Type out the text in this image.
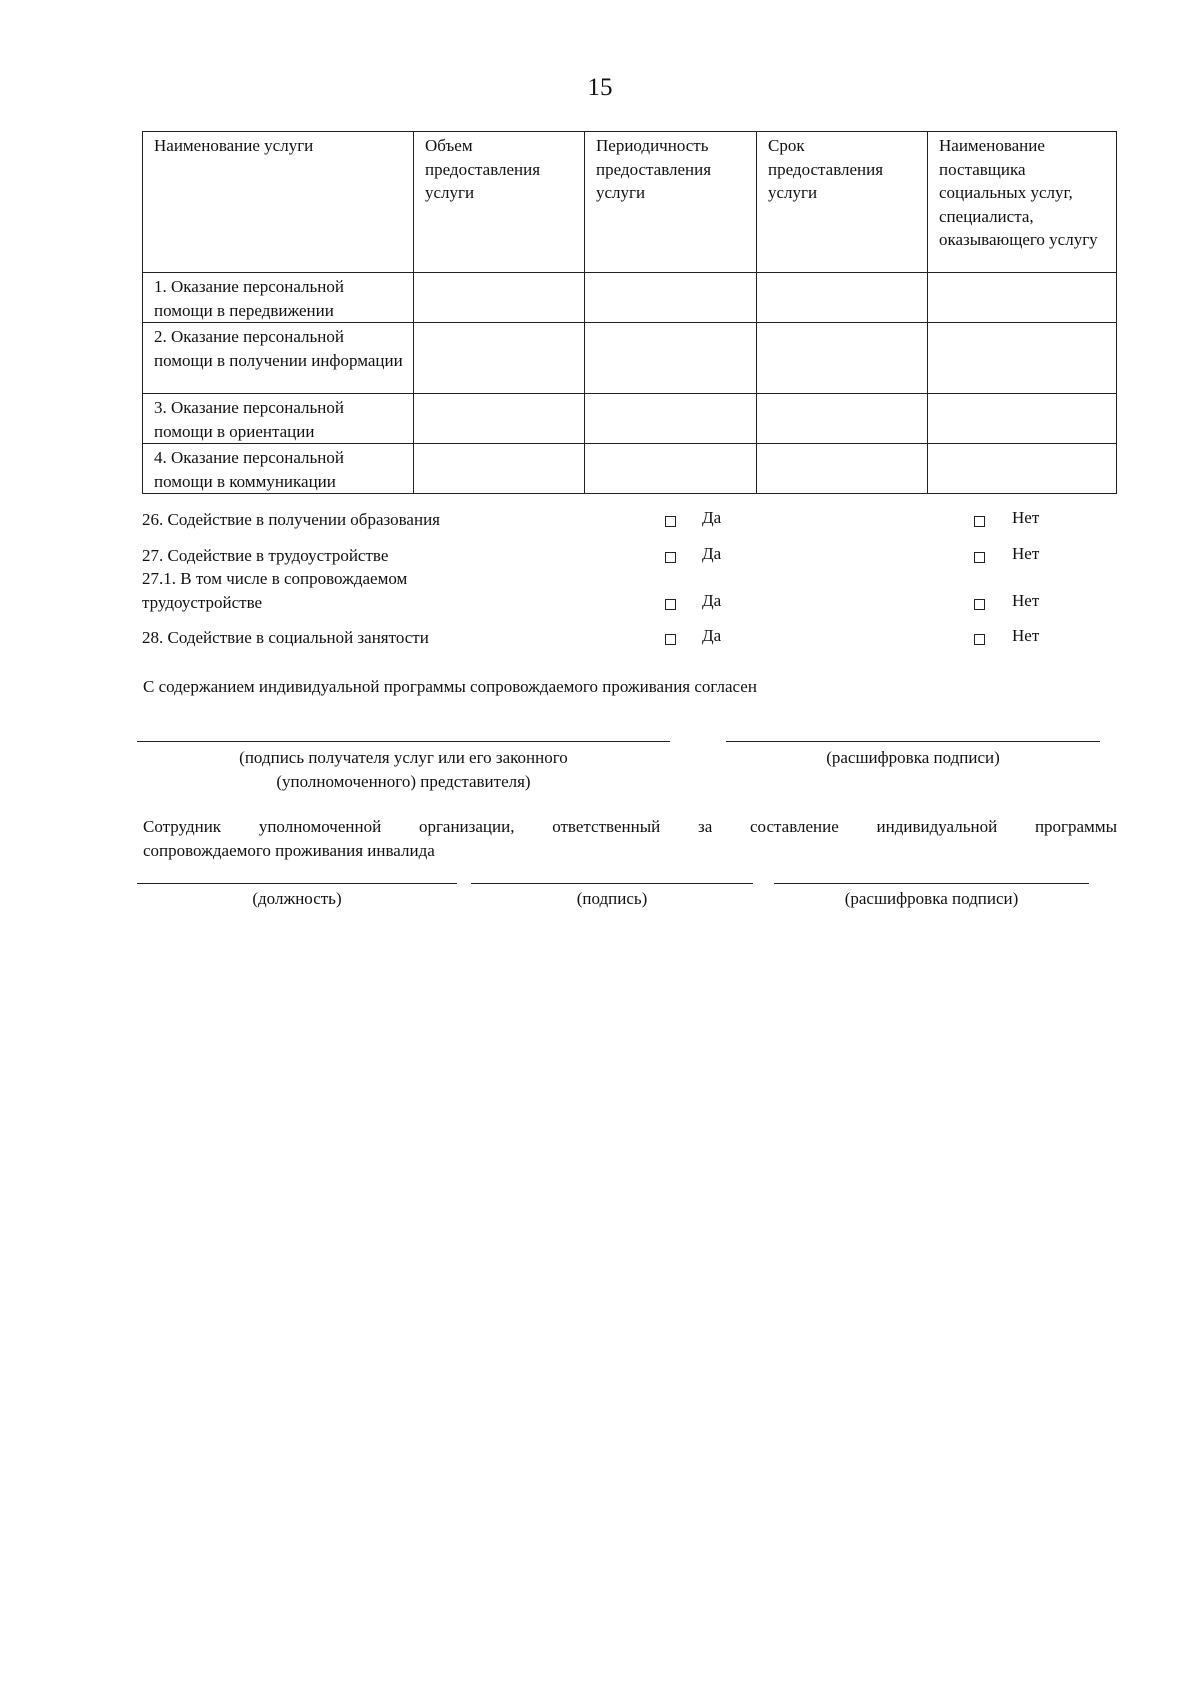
15
Наименование услуги	Объем предоставления услуги	Периодичность предоставления услуги	Срок предоставления услуги	Наименование поставщика социальных услуг, специалиста, оказывающего услугу
1. Оказание персональной помощи в передвижении				
2. Оказание персональной помощи в получении информации				
3. Оказание персональной помощи в ориентации				
4. Оказание персональной помощи в коммуникации				
26. Содействие в получении образования	Да	Нет
27. Содействие в трудоустройстве	Да	Нет
27.1. В том числе в сопровождаемом
трудоустройстве	Да	Нет
28. Содействие в социальной занятости	Да	Нет
С содержанием индивидуальной программы сопровождаемого проживания согласен
(подпись получателя услуг или его законного
(уполномоченного) представителя)
(расшифровка подписи)
Сотрудник уполномоченной организации, ответственный за составление индивидуальной программы
сопровождаемого проживания инвалида
(должность)	(подпись)	(расшифровка подписи)
